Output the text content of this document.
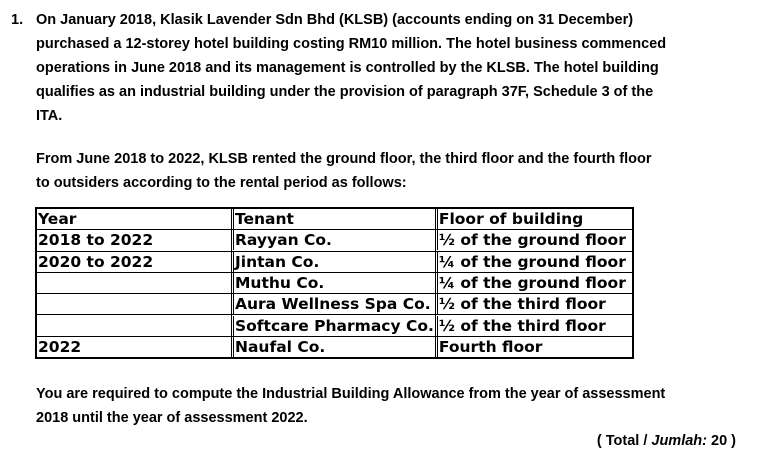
1. On January 2018, Klasik Lavender Sdn Bhd (KLSB) (accounts ending on 31 December)
purchased a 12-storey hotel building costing RM10 million. The hotel business commenced
operations in June 2018 and its management is controlled by the KLSB. The hotel building
qualifies as an industrial building under the provision of paragraph 37F, Schedule 3 of the
ITA.
From June 2018 to 2022, KLSB rented the ground floor, the third floor and the fourth floor
to outsiders according to the rental period as follows:
Year	Tenant	Floor of building

2018 to 2022	Rayyan Co.	½ of the ground floor

2020 to 2022	Jintan Co.	¼ of the ground floor

	Muthu Co.	¼ of the ground floor

	Aura Wellness Spa Co.	½ of the third floor

	Softcare Pharmacy Co.	½ of the third floor

2022	Naufal Co.	Fourth floor
You are required to compute the Industrial Building Allowance from the year of assessment
2018 until the year of assessment 2022.
( Total / Jumlah: 20 )
